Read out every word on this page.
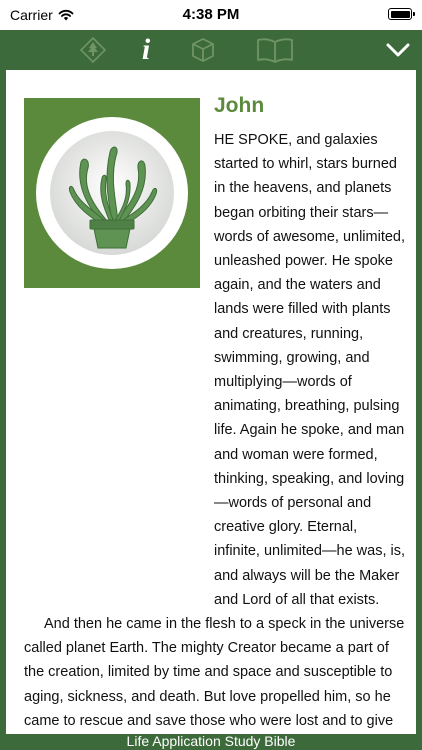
Carrier	4:38 PM
i
John

HE SPOKE, and galaxies started to whirl, stars burned in the heavens, and planets began orbiting their stars—words of awesome, unlimited, unleashed power. He spoke again, and the waters and lands were filled with plants and creatures, running, swimming, growing, and multiplying—words of animating, breathing, pulsing life. Again he spoke, and man and woman were formed, thinking, speaking, and loving—words of personal and creative glory. Eternal, infinite, unlimited—he was, is, and always will be the Maker and Lord of all that exists.

And then he came in the flesh to a speck in the universe called planet Earth. The mighty Creator became a part of the creation, limited by time and space and susceptible to aging, sickness, and death. But love propelled him, so he came to rescue and save those who were lost and to give

Life Application Study Bible
